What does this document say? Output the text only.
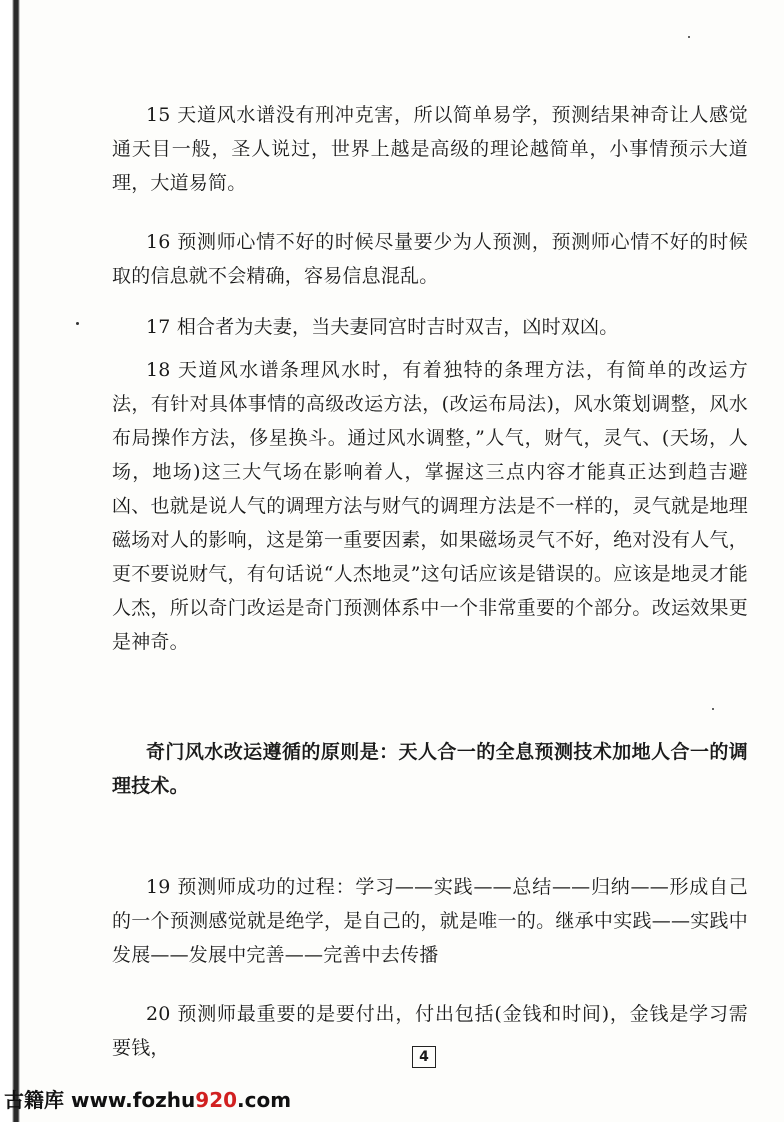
15 天道风水谱没有刑冲克害，所以简单易学，预测结果神奇让人感觉通天目一般，圣人说过，世界上越是高级的理论越简单，小事情预示大道理，大道易简。

16 预测师心情不好的时候尽量要少为人预测，预测师心情不好的时候取的信息就不会精确，容易信息混乱。

17 相合者为夫妻，当夫妻同宫时吉时双吉，凶时双凶。

18 天道风水谱条理风水时，有着独特的条理方法，有简单的改运方法，有针对具体事情的高级改运方法，(改运布局法)，风水策划调整，风水布局操作方法，侈星换斗。通过风水调整，”人气，财气，灵气、(天场，人场，地场)这三大气场在影响着人，掌握这三点内容才能真正达到趋吉避凶、也就是说人气的调理方法与财气的调理方法是不一样的，灵气就是地理磁场对人的影响，这是第一重要因素，如果磁场灵气不好，绝对没有人气，更不要说财气，有句话说“人杰地灵”这句话应该是错误的。应该是地灵才能人杰，所以奇门改运是奇门预测体系中一个非常重要的个部分。改运效果更是神奇。

奇门风水改运遵循的原则是：天人合一的全息预测技术加地人合一的调理技术。

19 预测师成功的过程：学习——实践——总结——归纳——形成自己的一个预测感觉就是绝学，是自己的，就是唯一的。继承中实践——实践中发展——发展中完善——完善中去传播

20 预测师最重要的是要付出，付出包括(金钱和时间)，金钱是学习需要钱，	4
古籍库 www.fozhu920.com
